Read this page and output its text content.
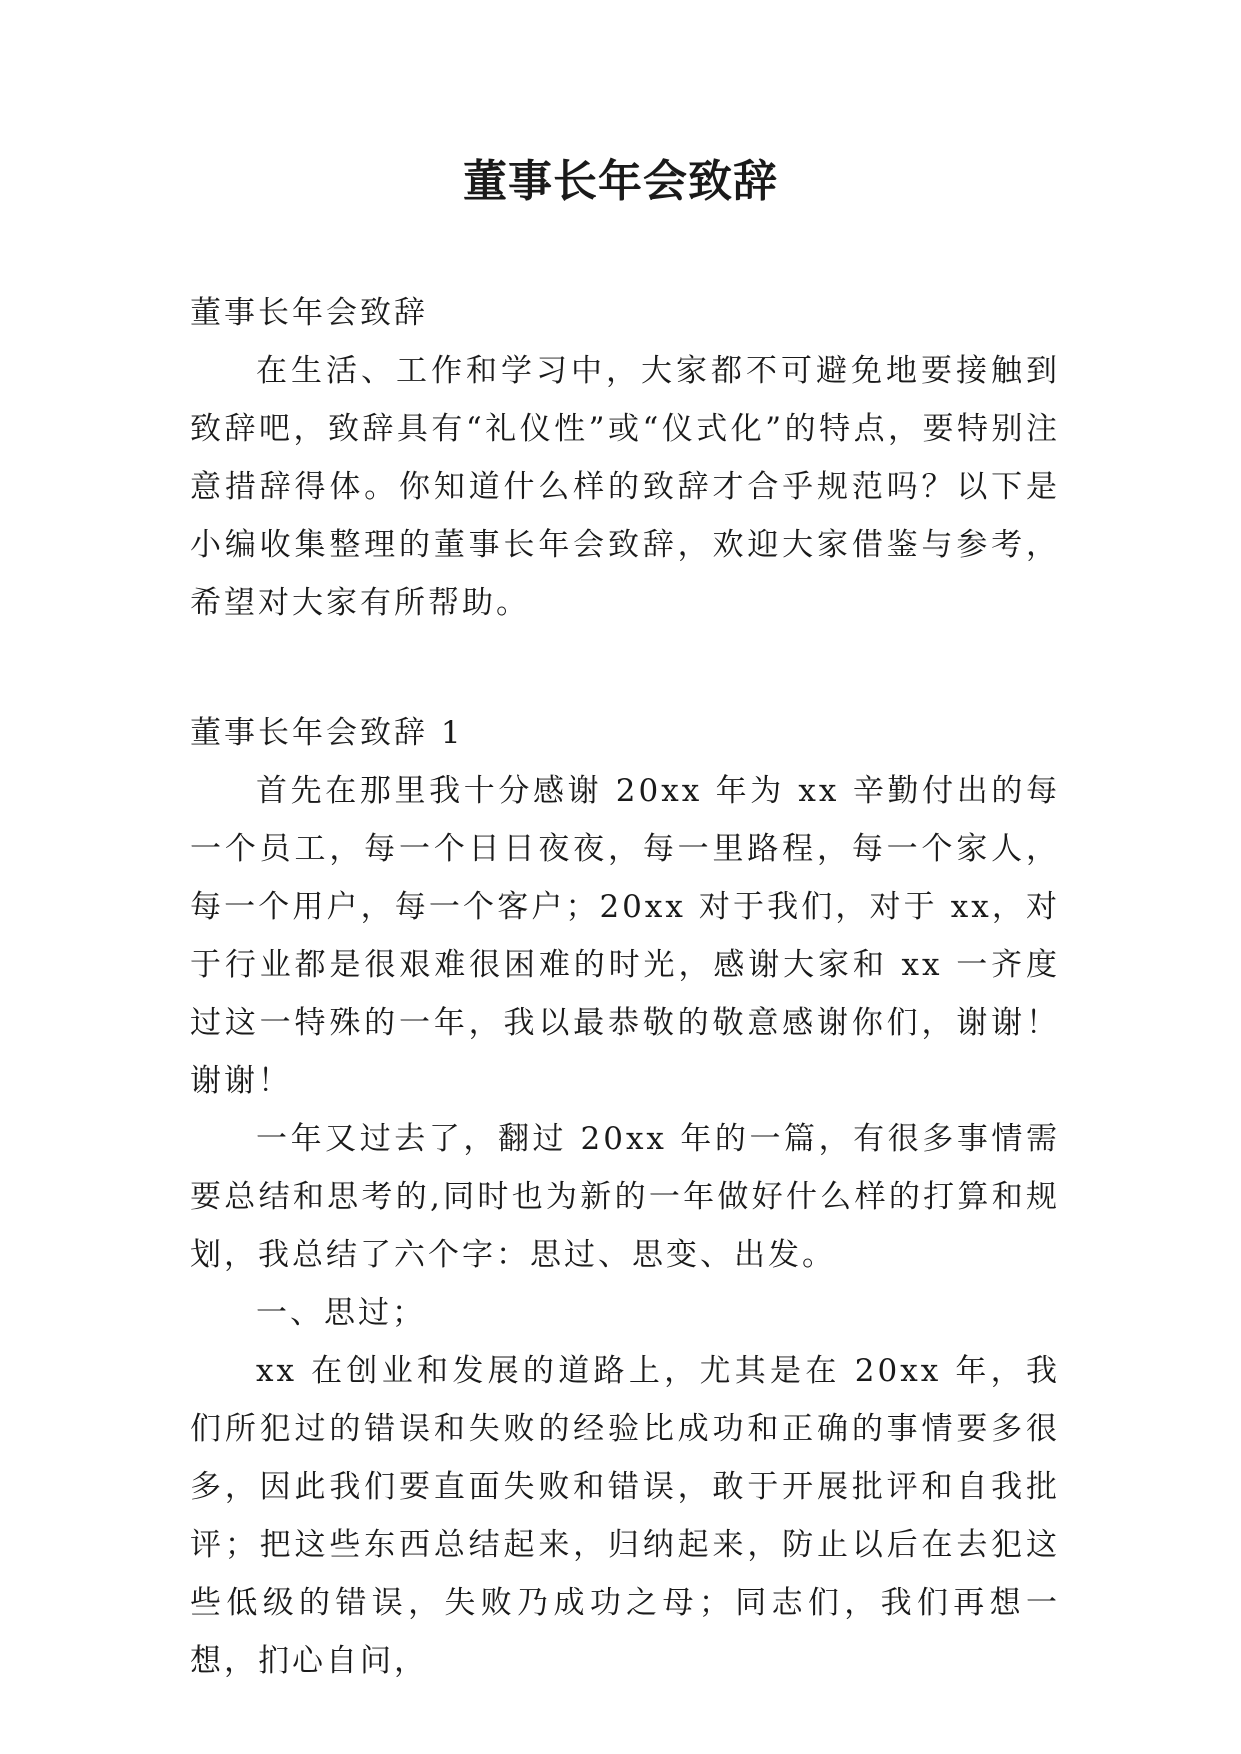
董事长年会致辞

董事长年会致辞

在生活、工作和学习中，大家都不可避免地要接触到致辞吧，致辞具有“礼仪性”或“仪式化”的特点，要特别注意措辞得体。你知道什么样的致辞才合乎规范吗？以下是小编收集整理的董事长年会致辞，欢迎大家借鉴与参考，希望对大家有所帮助。

董事长年会致辞 1

首先在那里我十分感谢 20xx 年为 xx 辛勤付出的每一个员工，每一个日日夜夜，每一里路程，每一个家人，每一个用户，每一个客户；20xx 对于我们，对于 xx，对于行业都是很艰难很困难的时光，感谢大家和 xx 一齐度过这一特殊的一年，我以最恭敬的敬意感谢你们，谢谢！谢谢！

一年又过去了，翻过 20xx 年的一篇，有很多事情需要总结和思考的,同时也为新的一年做好什么样的打算和规划，我总结了六个字：思过、思变、出发。

一、思过；

xx 在创业和发展的道路上，尤其是在 20xx 年，我们所犯过的错误和失败的经验比成功和正确的事情要多很多，因此我们要直面失败和错误，敢于开展批评和自我批评；把这些东西总结起来，归纳起来，防止以后在去犯这些低级的错误，失败乃成功之母；同志们，我们再想一想，扪心自问，
